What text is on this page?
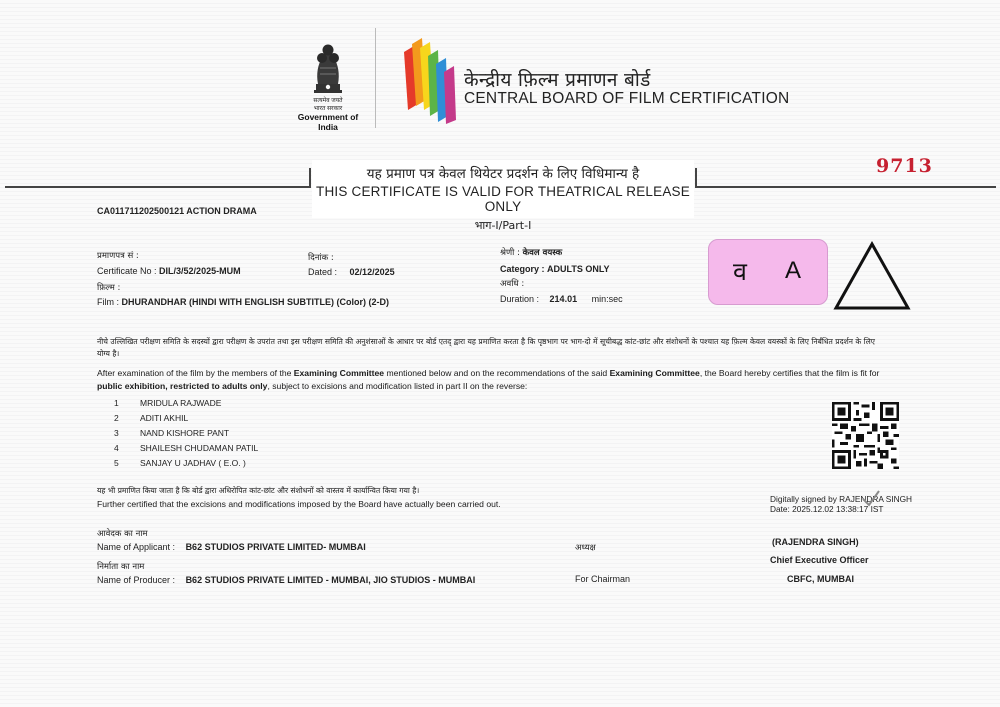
सत्यमेव जयते
भारत सरकार
Government of India
केन्द्रीय फ़िल्म प्रमाणन बोर्ड
CENTRAL BOARD OF FILM CERTIFICATION
यह प्रमाण पत्र केवल थियेटर प्रदर्शन के लिए विधिमान्य है
THIS CERTIFICATE IS VALID FOR THEATRICAL RELEASE ONLY
भाग-I/Part-I
9713
CA011711202500121 ACTION DRAMA
प्रमाणपत्र सं :
Certificate No : DIL/3/52/2025-MUM
दिनांक :
Dated : 02/12/2025
फ़िल्म :
Film : DHURANDHAR (HINDI WITH ENGLISH SUBTITLE) (Color) (2-D)
श्रेणी : केवल वयस्क
Category : ADULTS ONLY
अवधि :
Duration : 214.01 min:sec
व A
नीचे उल्लिखित परीक्षण समिति के सदस्यों द्वारा परीक्षण के उपरांत तथा इस परीक्षण समिति की अनुशंसाओं के आधार पर बोर्ड एतद् द्वारा यह प्रमाणित करता है कि पृष्ठभाग पर भाग-दो में सूचीबद्ध कांट-छांट और संशोधनों के पश्चात यह फ़िल्म केवल वयस्कों के लिए निर्बंधित प्रदर्शन के लिए योग्य है।
After examination of the film by the members of the Examining Committee mentioned below and on the recommendations of the said Examining Committee, the Board hereby certifies that the film is fit for public exhibition, restricted to adults only, subject to excisions and modification listed in part II on the reverse:
1	MRIDULA RAJWADE
2	ADITI AKHIL
3	NAND KISHORE PANT
4	SHAILESH CHUDAMAN PATIL
5	SANJAY U JADHAV ( E.O. )
यह भी प्रमाणित किया जाता है कि बोर्ड द्वारा अधिरोपित कांट-छांट और संशोधनों को वास्तव में कार्यान्वित किया गया है।
Further certified that the excisions and modifications imposed by the Board have actually been carried out.	Digitally signed by RAJENDRA SINGH
Date: 2025.12.02 13:38:17 IST
आवेदक का नाम
Name of Applicant : B62 STUDIOS PRIVATE LIMITED- MUMBAI
निर्माता का नाम
Name of Producer : B62 STUDIOS PRIVATE LIMITED - MUMBAI, JIO STUDIOS - MUMBAI
अध्यक्ष
For Chairman
(RAJENDRA SINGH)
Chief Executive Officer
CBFC, MUMBAI
